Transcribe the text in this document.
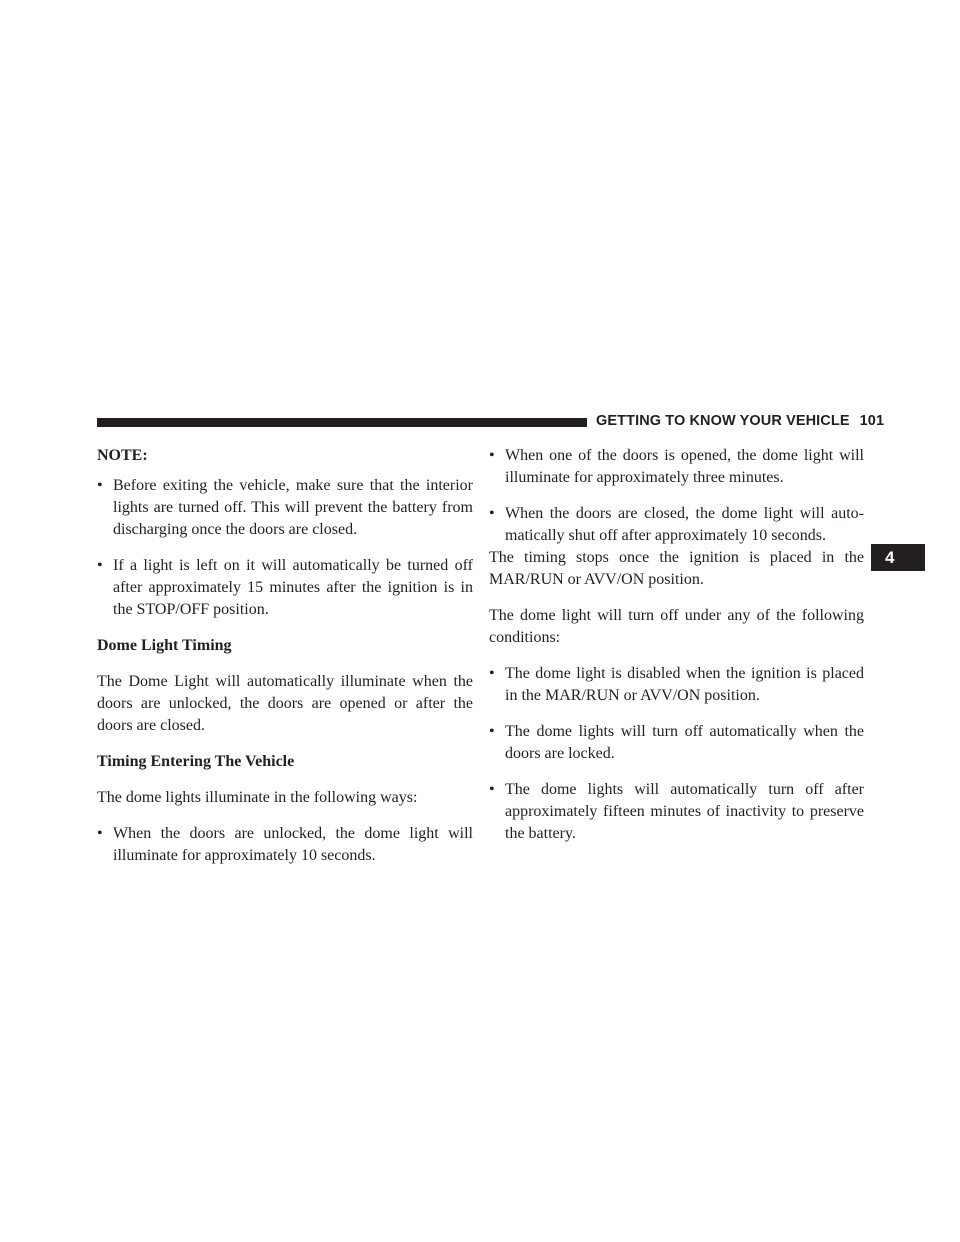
GETTING TO KNOW YOUR VEHICLE 101
4

NOTE:

• Before exiting the vehicle, make sure that the interior lights are turned off. This will prevent the battery from discharging once the doors are closed.
• If a light is left on it will automatically be turned off after approximately 15 minutes after the ignition is in the STOP/OFF position.

Dome Light Timing

The Dome Light will automatically illuminate when the doors are unlocked, the doors are opened or after the doors are closed.

Timing Entering The Vehicle

The dome lights illuminate in the following ways:

• When the doors are unlocked, the dome light will illuminate for approximately 10 seconds.
• When one of the doors is opened, the dome light will illuminate for approximately three minutes.
• When the doors are closed, the dome light will auto-matically shut off after approximately 10 seconds.

The timing stops once the ignition is placed in the MAR/RUN or AVV/ON position.

The dome light will turn off under any of the following conditions:

• The dome light is disabled when the ignition is placed in the MAR/RUN or AVV/ON position.
• The dome lights will turn off automatically when the doors are locked.
• The dome lights will automatically turn off after approximately fifteen minutes of inactivity to preserve the battery.
